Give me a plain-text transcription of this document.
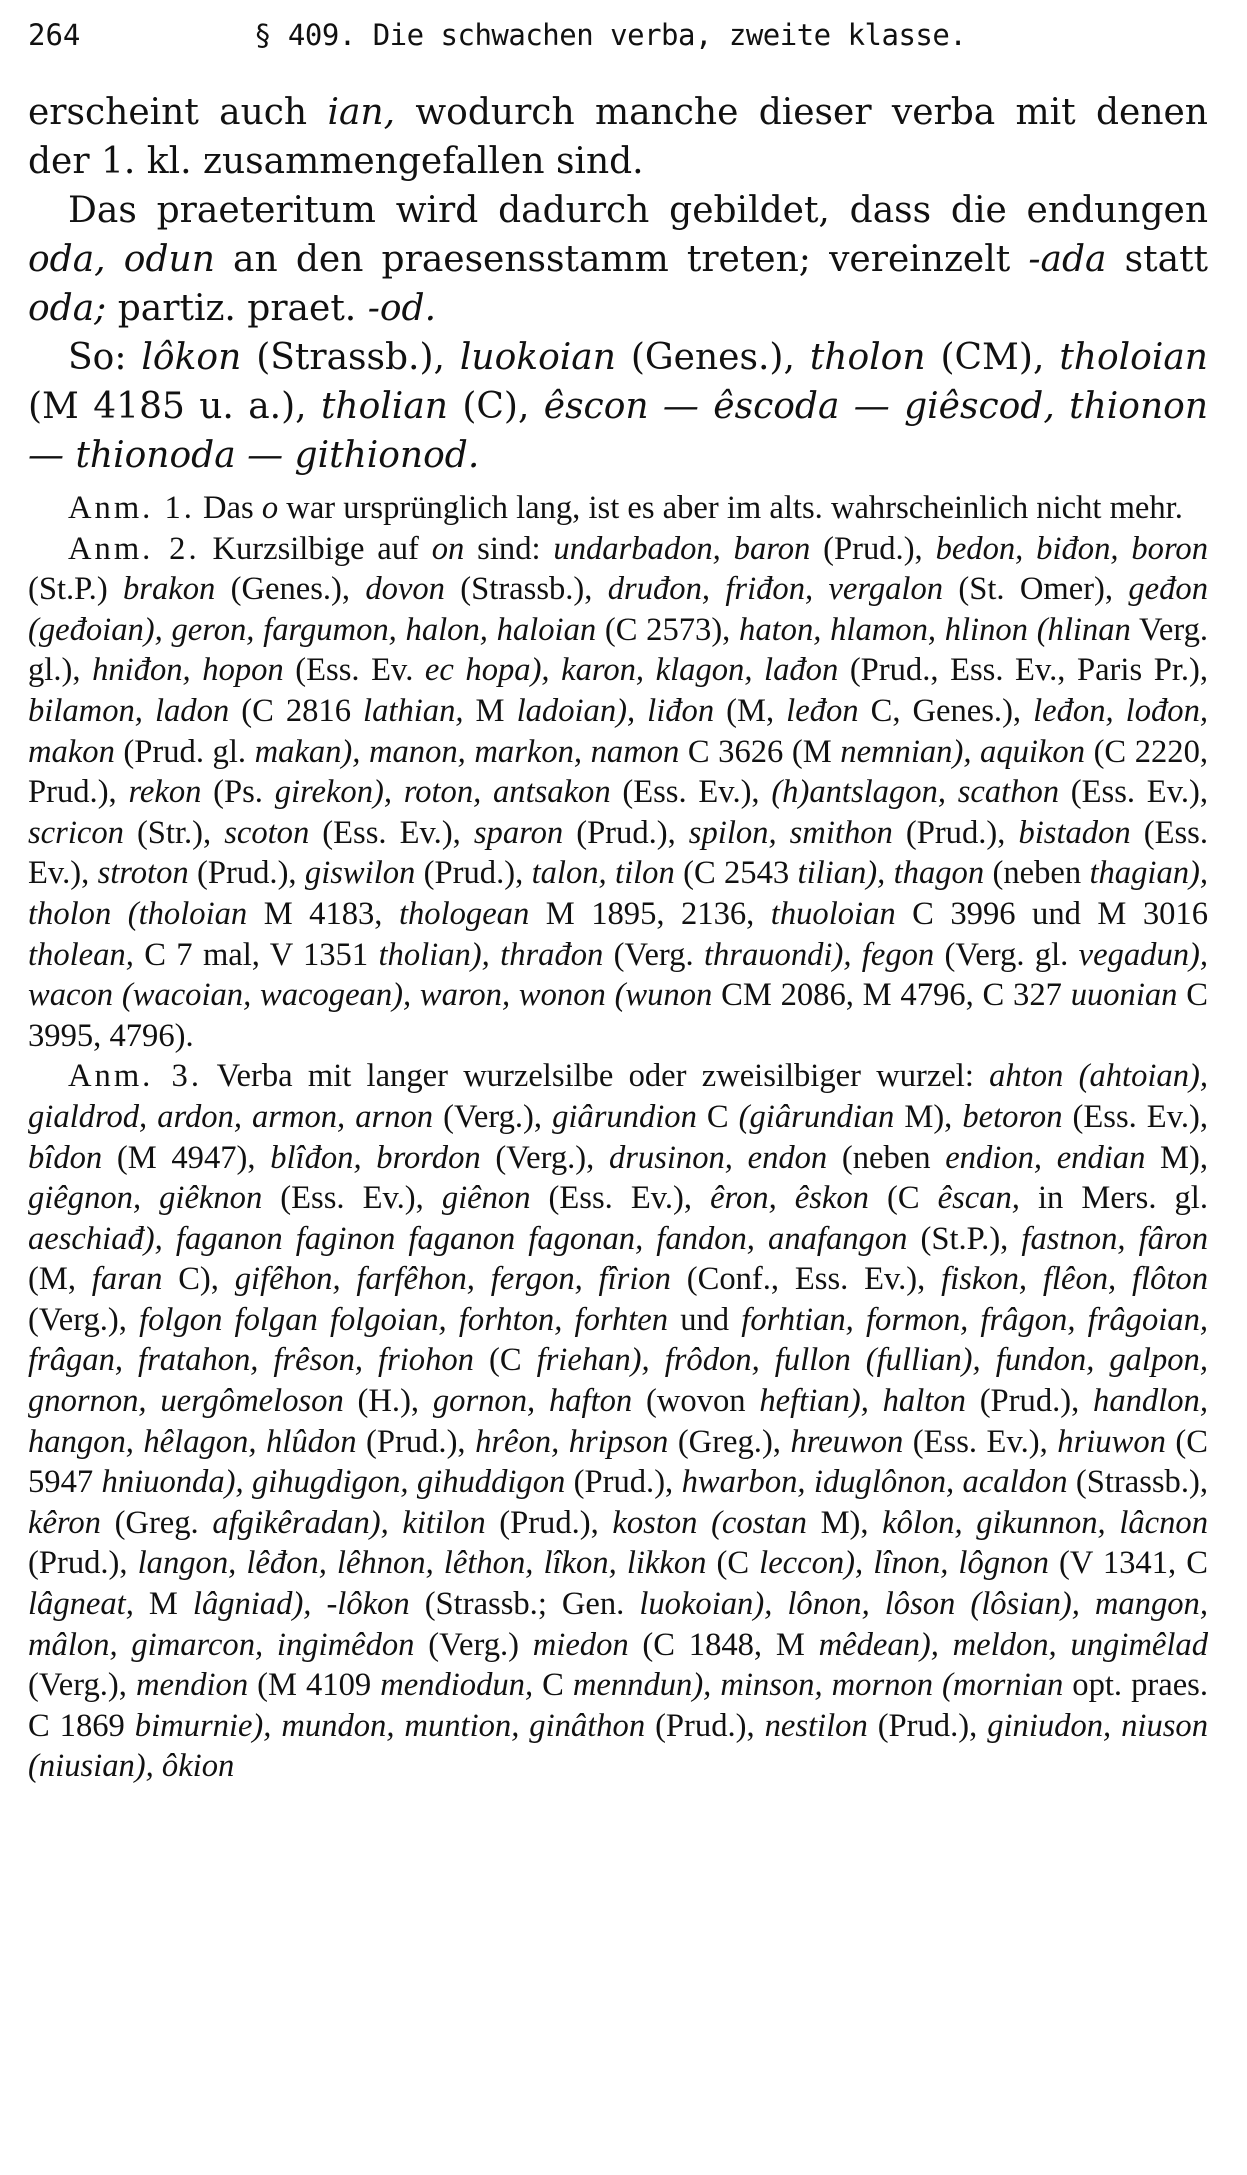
264	§ 409. Die schwachen verba, zweite klasse.

erscheint auch ian, wodurch manche dieser verba mit denen der 1. kl. zusammengefallen sind.

Das praeteritum wird dadurch gebildet, dass die endungen oda, odun an den praesensstamm treten; vereinzelt -ada statt oda; partiz. praet. -od.

So: lôkon (Strassb.), luokoian (Genes.), tholon (CM), tholoian (M 4185 u. a.), tholian (C), êscon — êscoda — giêscod, thionon — thionoda — githionod.

Anm. 1. Das o war ursprünglich lang, ist es aber im alts. wahrscheinlich nicht mehr.

Anm. 2. Kurzsilbige auf on sind: undarbadon, baron (Prud.), bedon, biđon, boron (St.P.) brakon (Genes.), dovon (Strassb.), druđon, friđon, vergalon (St. Omer), geđon (geđoian), geron, fargumon, halon, haloian (C 2573), haton, hlamon, hlinon (hlinan Verg. gl.), hniđon, hopon (Ess. Ev. ec hopa), karon, klagon, lađon (Prud., Ess. Ev., Paris Pr.), bilamon, ladon (C 2816 lathian, M ladoian), liđon (M, leđon C, Genes.), leđon, lođon, makon (Prud. gl. makan), manon, markon, namon C 3626 (M nemnian), aquikon (C 2220, Prud.), rekon (Ps. girekon), roton, antsakon (Ess. Ev.), (h)antslagon, scathon (Ess. Ev.), scricon (Str.), scoton (Ess. Ev.), sparon (Prud.), spilon, smithon (Prud.), bistadon (Ess. Ev.), stroton (Prud.), giswilon (Prud.), talon, tilon (C 2543 tilian), thagon (neben thagian), tholon (tholoian M 4183, thologean M 1895, 2136, thuoloian C 3996 und M 3016 tholean, C 7 mal, V 1351 tholian), thrađon (Verg. thrauondi), fegon (Verg. gl. vegadun), wacon (wacoian, wacogean), waron, wonon (wunon CM 2086, M 4796, C 327 uuonian C 3995, 4796).

Anm. 3. Verba mit langer wurzelsilbe oder zweisilbiger wurzel: ahton (ahtoian), gialdrod, ardon, armon, arnon (Verg.), giârundion C (giârundian M), betoron (Ess. Ev.), bîdon (M 4947), blîđon, brordon (Verg.), drusinon, endon (neben endion, endian M), giêgnon, giêknon (Ess. Ev.), giênon (Ess. Ev.), êron, êskon (C êscan, in Mers. gl. aeschiađ), faganon faginon faganon fagonan, fandon, anafangon (St.P.), fastnon, fâron (M, faran C), gifêhon, farfêhon, fergon, fîrion (Conf., Ess. Ev.), fiskon, flêon, flôton (Verg.), folgon folgan folgoian, forhton, forhten und forhtian, formon, frâgon, frâgoian, frâgan, fratahon, frêson, friohon (C friehan), frôdon, fullon (fullian), fundon, galpon, gnornon, uergômeloson (H.), gornon, hafton (wovon heftian), halton (Prud.), handlon, hangon, hêlagon, hlûdon (Prud.), hrêon, hripson (Greg.), hreuwon (Ess. Ev.), hriuwon (C 5947 hniuonda), gihugdigon, gihuddigon (Prud.), hwarbon, iduglônon, acaldon (Strassb.), kêron (Greg. afgikêradan), kitilon (Prud.), koston (costan M), kôlon, gikunnon, lâcnon (Prud.), langon, lêđon, lêhnon, lêthon, lîkon, likkon (C leccon), lînon, lôgnon (V 1341, C lâgneat, M lâgniad), -lôkon (Strassb.; Gen. luokoian), lônon, lôson (lôsian), mangon, mâlon, gimarcon, ingimêdon (Verg.) miedon (C 1848, M mêdean), meldon, ungimêlad (Verg.), mendion (M 4109 mendiodun, C menndun), minson, mornon (mornian opt. praes. C 1869 bimurnie), mundon, muntion, ginâthon (Prud.), nestilon (Prud.), giniudon, niuson (niusian), ôkion
